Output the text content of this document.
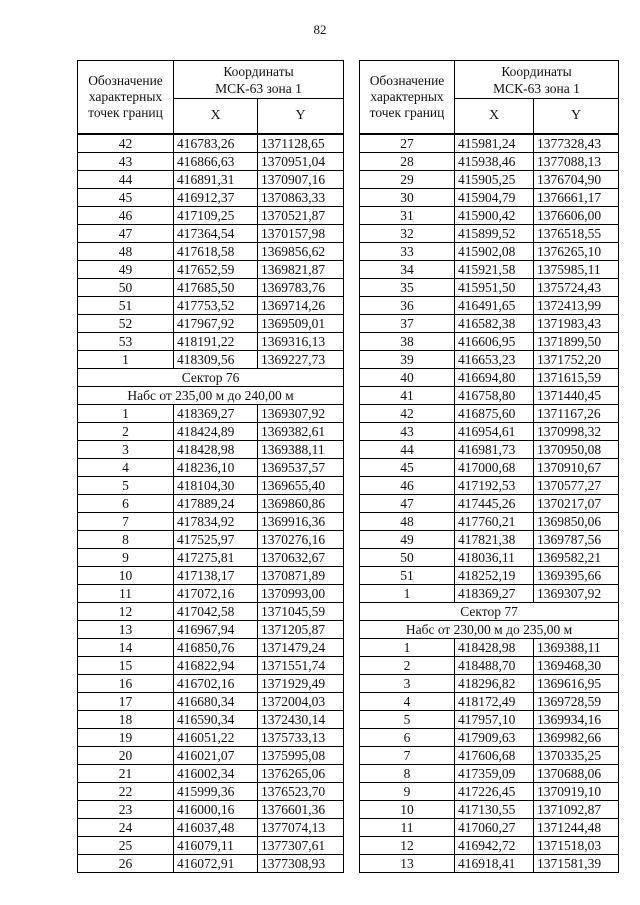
82
Обозначение характерных точек границ	Координаты
МСК-63 зона 1	
	X	Y
42	416783,26	1371128,65
43	416866,63	1370951,04
44	416891,31	1370907,16
45	416912,37	1370863,33
46	417109,25	1370521,87
47	417364,54	1370157,98
48	417618,58	1369856,62
49	417652,59	1369821,87
50	417685,50	1369783,76
51	417753,52	1369714,26
52	417967,92	1369509,01
53	418191,22	1369316,13
1	418309,56	1369227,73
Сектор 76		
Набс от 235,00 м до 240,00 м		
1	418369,27	1369307,92
2	418424,89	1369382,61
3	418428,98	1369388,11
4	418236,10	1369537,57
5	418104,30	1369655,40
6	417889,24	1369860,86
7	417834,92	1369916,36
8	417525,97	1370276,16
9	417275,81	1370632,67
10	417138,17	1370871,89
11	417072,16	1370993,00
12	417042,58	1371045,59
13	416967,94	1371205,87
14	416850,76	1371479,24
15	416822,94	1371551,74
16	416702,16	1371929,49
17	416680,34	1372004,03
18	416590,34	1372430,14
19	416051,22	1375733,13
20	416021,07	1375995,08
21	416002,34	1376265,06
22	415999,36	1376523,70
23	416000,16	1376601,36
24	416037,48	1377074,13
25	416079,11	1377307,61
26	416072,91	1377308,93
Обозначение характерных точек границ	Координаты
МСК-63 зона 1	
	X	Y
27	415981,24	1377328,43
28	415938,46	1377088,13
29	415905,25	1376704,90
30	415904,79	1376661,17
31	415900,42	1376606,00
32	415899,52	1376518,55
33	415902,08	1376265,10
34	415921,58	1375985,11
35	415951,50	1375724,43
36	416491,65	1372413,99
37	416582,38	1371983,43
38	416606,95	1371899,50
39	416653,23	1371752,20
40	416694,80	1371615,59
41	416758,80	1371440,45
42	416875,60	1371167,26
43	416954,61	1370998,32
44	416981,73	1370950,08
45	417000,68	1370910,67
46	417192,53	1370577,27
47	417445,26	1370217,07
48	417760,21	1369850,06
49	417821,38	1369787,56
50	418036,11	1369582,21
51	418252,19	1369395,66
1	418369,27	1369307,92
Сектор 77		
Набс от 230,00 м до 235,00 м		
1	418428,98	1369388,11
2	418488,70	1369468,30
3	418296,82	1369616,95
4	418172,49	1369728,59
5	417957,10	1369934,16
6	417909,63	1369982,66
7	417606,68	1370335,25
8	417359,09	1370688,06
9	417226,45	1370919,10
10	417130,55	1371092,87
11	417060,27	1371244,48
12	416942,72	1371518,03
13	416918,41	1371581,39
